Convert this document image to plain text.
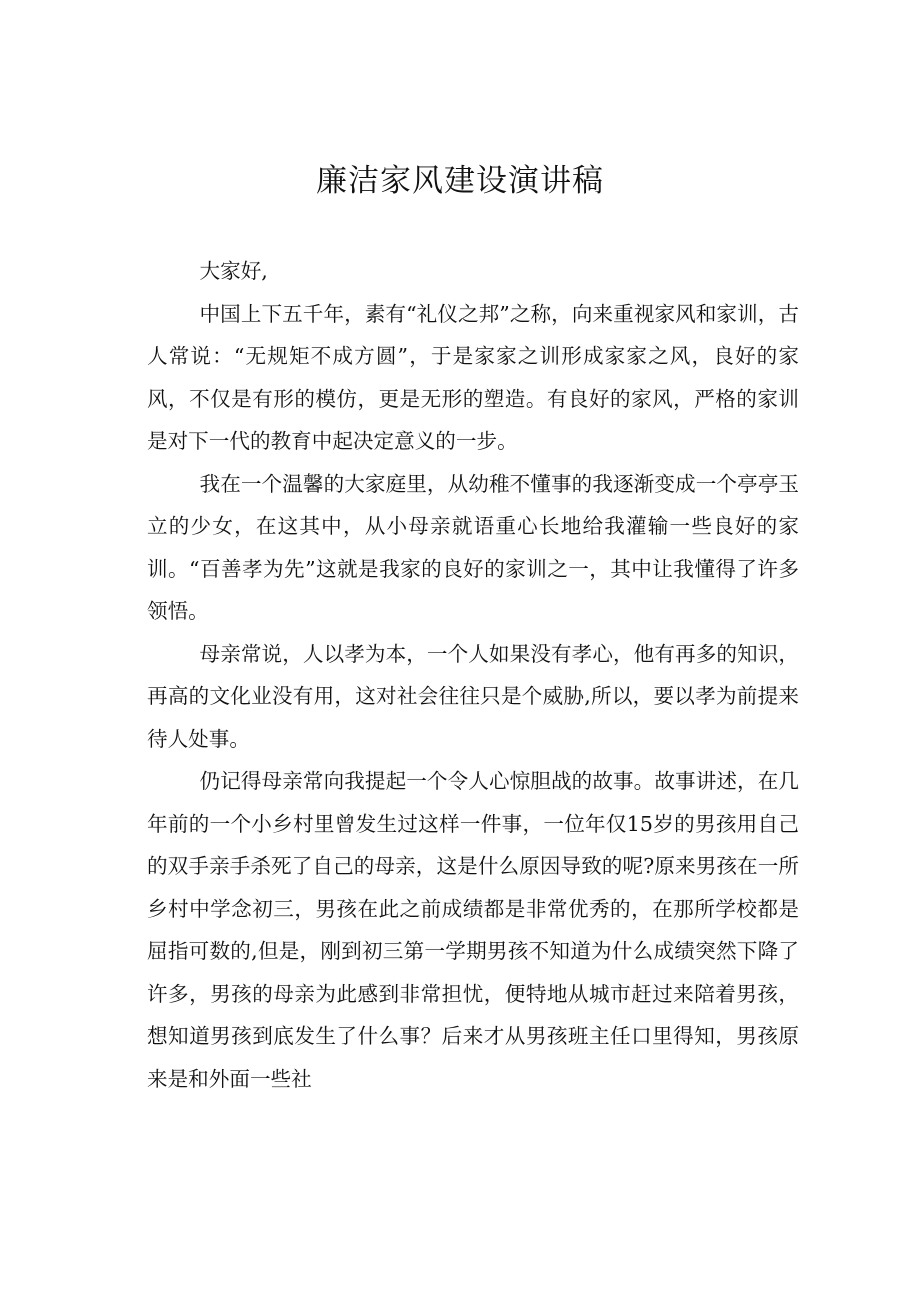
廉洁家风建设演讲稿

大家好,

中国上下五千年，素有“礼仪之邦”之称，向来重视家风和家训，古人常说：“无规矩不成方圆”，于是家家之训形成家家之风，良好的家风，不仅是有形的模仿，更是无形的塑造。有良好的家风，严格的家训是对下一代的教育中起决定意义的一步。

我在一个温馨的大家庭里，从幼稚不懂事的我逐渐变成一个亭亭玉立的少女，在这其中，从小母亲就语重心长地给我灌输一些良好的家训。“百善孝为先”这就是我家的良好的家训之一，其中让我懂得了许多领悟。

母亲常说，人以孝为本，一个人如果没有孝心，他有再多的知识，再高的文化业没有用，这对社会往往只是个威胁,所以，要以孝为前提来待人处事。

仍记得母亲常向我提起一个令人心惊胆战的故事。故事讲述，在几年前的一个小乡村里曾发生过这样一件事，一位年仅15岁的男孩用自己的双手亲手杀死了自己的母亲，这是什么原因导致的呢?原来男孩在一所乡村中学念初三，男孩在此之前成绩都是非常优秀的，在那所学校都是屈指可数的,但是，刚到初三第一学期男孩不知道为什么成绩突然下降了许多，男孩的母亲为此感到非常担忧，便特地从城市赶过来陪着男孩，想知道男孩到底发生了什么事？后来才从男孩班主任口里得知，男孩原来是和外面一些社
